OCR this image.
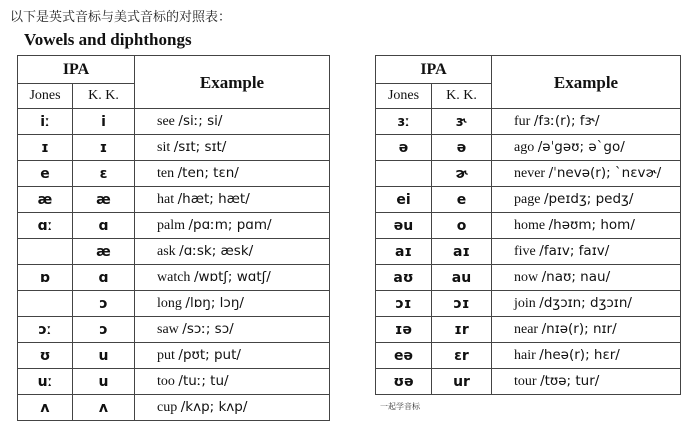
以下是英式音标与美式音标的对照表：
Vowels and diphthongs
IPA		Example
Jones	K. K.	
iː	i	see /siː; si/
ɪ	ɪ	sit /sɪt; sɪt/
e	ɛ	ten /ten; tɛn/
æ	æ	hat /hæt; hæt/
ɑː	ɑ	palm /pɑːm; pɑm/
	æ	ask /ɑːsk; æsk/
ɒ	ɑ	watch /wɒtʃ; wɑtʃ/
	ɔ	long /lɒŋ; lɔŋ/
ɔː	ɔ	saw /sɔː; sɔ/
ʊ	u	put /pʊt; put/
uː	u	too /tuː; tu/
ʌ	ʌ	cup /kʌp; kʌp/
IPA		Example
Jones	K. K.	
ɜː	ɝ	fur /fɜː(r); fɝ/
ə	ə	ago /əˈgəʊ; əˋgo/
	ɚ	never /ˈnevə(r); ˋnɛvɚ/
ei	e	page /peɪdʒ; pedʒ/
əu	o	home /həʊm; hom/
aɪ	aɪ	five /faɪv; faɪv/
aʊ	au	now /naʊ; nau/
ɔɪ	ɔɪ	join /dʒɔɪn; dʒɔɪn/
ɪə	ɪr	near /nɪə(r); nɪr/
eə	ɛr	hair /heə(r); hɛr/
ʊə	ur	tour /tʊə; tur/
一起学音标
